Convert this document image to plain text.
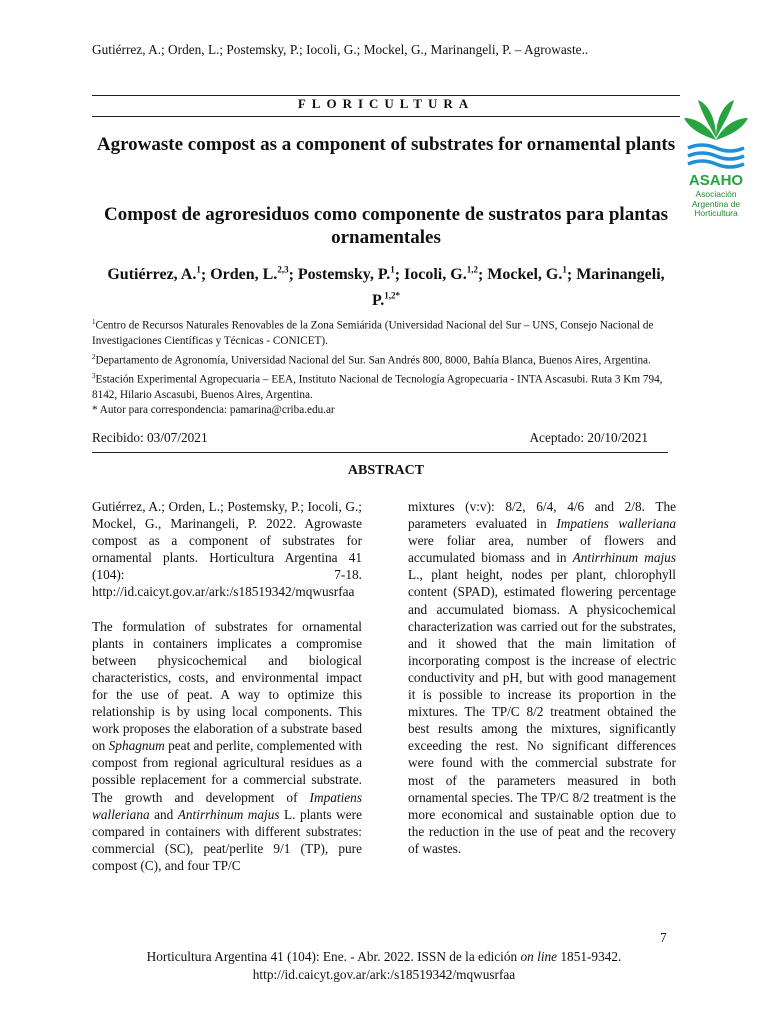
Gutiérrez, A.; Orden, L.; Postemsky, P.; Iocoli, G.; Mockel, G., Marinangeli, P. – Agrowaste..
FLORICULTURA
ASAHO
Asociación
Argentina de
Horticultura
Agrowaste compost as a component of substrates for ornamental plants
Compost de agroresiduos como componente de sustratos para plantas ornamentales
Gutiérrez, A.$^1$; Orden, L.$^{2,3}$; Postemsky, P.$^1$; Iocoli, G.$^{1,2}$; Mockel, G.$^1$; Marinangeli, P.$^{1,2*}$

$^1$Centro de Recursos Naturales Renovables de la Zona Semiárida (Universidad Nacional del Sur – UNS, Consejo Nacional de Investigaciones Científicas y Técnicas - CONICET).

$^2$Departamento de Agronomía, Universidad Nacional del Sur. San Andrés 800, 8000, Bahía Blanca, Buenos Aires, Argentina.

$^3$Estación Experimental Agropecuaria – EEA, Instituto Nacional de Tecnología Agropecuaria - INTA Ascasubi. Ruta 3 Km 794, 8142, Hilario Ascasubi, Buenos Aires, Argentina.

* Autor para correspondencia: pamarina@criba.edu.ar

Recibido: 03/07/2021	Aceptado: 20/10/2021
ABSTRACT

Gutiérrez, A.; Orden, L.; Postemsky, P.; Iocoli, G.; Mockel, G., Marinangeli, P. 2022. Agrowaste compost as a component of substrates for ornamental plants. Horticultura Argentina 41 (104): 7-18. http://id.caicyt.gov.ar/ark:/s18519342/mqwusrfaa

The formulation of substrates for ornamental plants in containers implicates a compromise between physicochemical and biological characteristics, costs, and environmental impact for the use of peat. A way to optimize this relationship is by using local components. This work proposes the elaboration of a substrate based on Sphagnum peat and perlite, complemented with compost from regional agricultural residues as a possible replacement for a commercial substrate. The growth and development of Impatiens walleriana and Antirrhinum majus L. plants were compared in containers with different substrates: commercial (SC), peat/perlite 9/1 (TP), pure compost (C), and four TP/C

mixtures (v:v): 8/2, 6/4, 4/6 and 2/8. The parameters evaluated in Impatiens walleriana were foliar area, number of flowers and accumulated biomass and in Antirrhinum majus L., plant height, nodes per plant, chlorophyll content (SPAD), estimated flowering percentage and accumulated biomass. A physicochemical characterization was carried out for the substrates, and it showed that the main limitation of incorporating compost is the increase of electric conductivity and pH, but with good management it is possible to increase its proportion in the mixtures. The TP/C 8/2 treatment obtained the best results among the mixtures, significantly exceeding the rest. No significant differences were found with the commercial substrate for most of the parameters measured in both ornamental species. The TP/C 8/2 treatment is the more economical and sustainable option due to the reduction in the use of peat and the recovery of wastes.

7
Horticultura Argentina 41 (104): Ene. - Abr. 2022. ISSN de la edición on line 1851-9342.
http://id.caicyt.gov.ar/ark:/s18519342/mqwusrfaa
